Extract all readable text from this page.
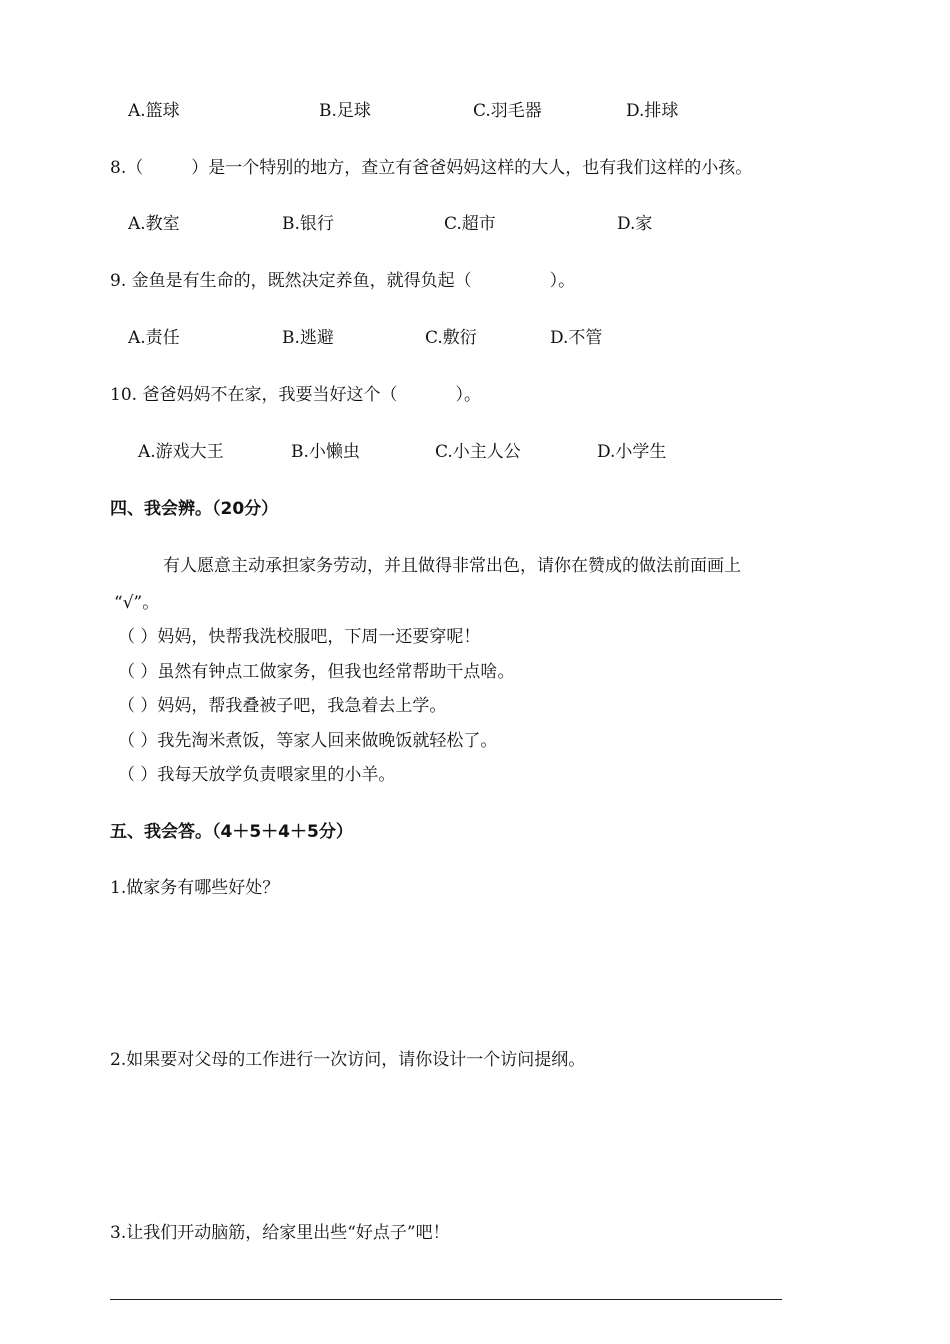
A.篮球	B.足球	C.羽毛器	D.排球
8.（	）是一个特别的地方，查立有爸爸妈妈这样的大人，也有我们这样的小孩。
A.教室	B.银行	C.超市	D.家
9. 金鱼是有生命的，既然决定养鱼，就得负起（	）。
A.责任	B.逃避	C.敷衍	D.不管
10. 爸爸妈妈不在家，我要当好这个（	）。
A.游戏大王	B.小懒虫	C.小主人公	D.小学生
四、我会辨。（20分）
有人愿意主动承担家务劳动，并且做得非常出色，请你在赞成的做法前面画上
“√”。
（ ）妈妈，快帮我洗校服吧，下周一还要穿呢！
（ ）虽然有钟点工做家务，但我也经常帮助干点啥。
（ ）妈妈，帮我叠被子吧，我急着去上学。
（ ）我先淘米煮饭，等家人回来做晚饭就轻松了。
（ ）我每天放学负责喂家里的小羊。
五、我会答。（4＋5＋4＋5分）
1.做家务有哪些好处？
2.如果要对父母的工作进行一次访问，请你设计一个访问提纲。
3.让我们开动脑筋，给家里出些“好点子”吧！
